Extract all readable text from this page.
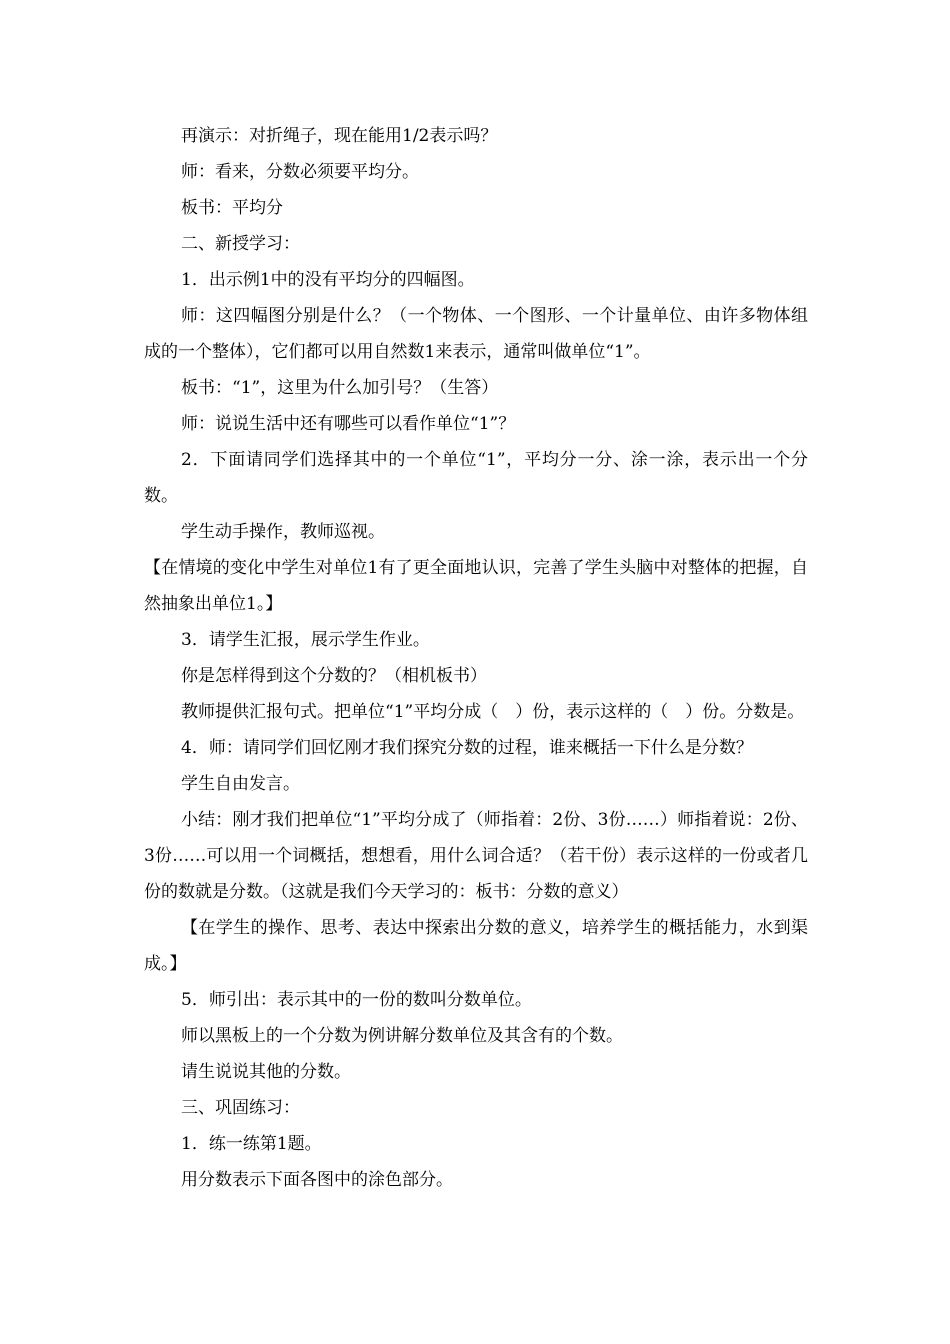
再演示：对折绳子，现在能用1/2表示吗？

师：看来，分数必须要平均分。

板书：平均分

二、新授学习：

1．出示例1中的没有平均分的四幅图。

师：这四幅图分别是什么？（一个物体、一个图形、一个计量单位、由许多物体组成的一个整体），它们都可以用自然数1来表示，通常叫做单位“1”。

板书：“1”，这里为什么加引号？（生答）

师：说说生活中还有哪些可以看作单位“1”？

2．下面请同学们选择其中的一个单位“1”，平均分一分、涂一涂，表示出一个分数。

学生动手操作，教师巡视。

【在情境的变化中学生对单位1有了更全面地认识，完善了学生头脑中对整体的把握，自然抽象出单位1。】

3．请学生汇报，展示学生作业。

你是怎样得到这个分数的？（相机板书）

教师提供汇报句式。把单位“1”平均分成（　）份，表示这样的（　）份。分数是。

4．师：请同学们回忆刚才我们探究分数的过程，谁来概括一下什么是分数？

学生自由发言。

小结：刚才我们把单位“1”平均分成了（师指着：2份、3份……）师指着说：2份、3份……可以用一个词概括，想想看，用什么词合适？（若干份）表示这样的一份或者几份的数就是分数。（这就是我们今天学习的：板书：分数的意义）

【在学生的操作、思考、表达中探索出分数的意义，培养学生的概括能力，水到渠成。】

5．师引出：表示其中的一份的数叫分数单位。

师以黑板上的一个分数为例讲解分数单位及其含有的个数。

请生说说其他的分数。

三、巩固练习：

1．练一练第1题。

用分数表示下面各图中的涂色部分。
